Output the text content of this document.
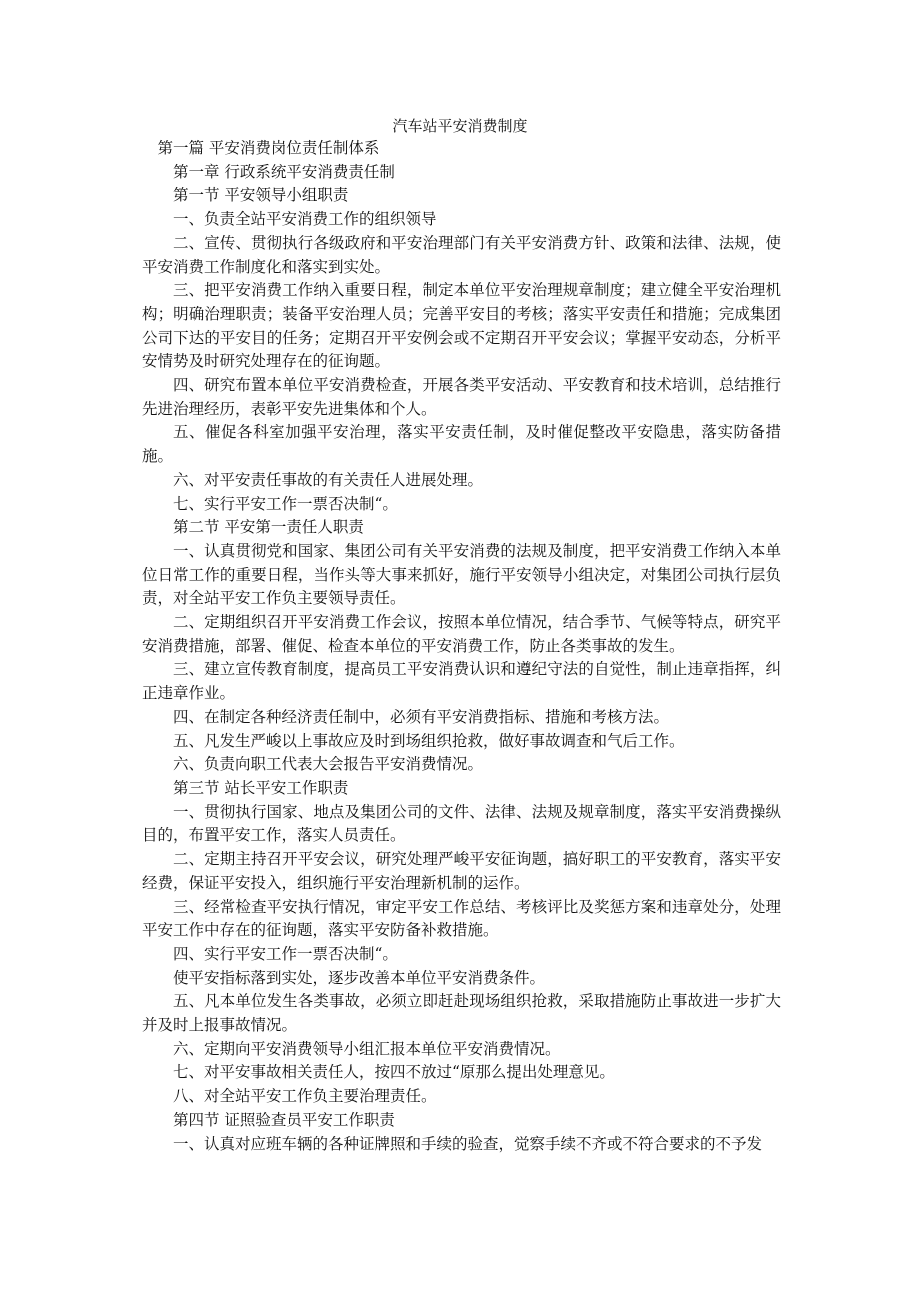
汽车站平安消费制度

第一篇 平安消费岗位责任制体系

第一章 行政系统平安消费责任制

第一节 平安领导小组职责

一、负责全站平安消费工作的组织领导

二、宣传、贯彻执行各级政府和平安治理部门有关平安消费方针、政策和法律、法规，使平安消费工作制度化和落实到实处。

三、把平安消费工作纳入重要日程，制定本单位平安治理规章制度；建立健全平安治理机构；明确治理职责；装备平安治理人员；完善平安目的考核；落实平安责任和措施；完成集团公司下达的平安目的任务；定期召开平安例会或不定期召开平安会议；掌握平安动态，分析平安情势及时研究处理存在的征询题。

四、研究布置本单位平安消费检查，开展各类平安活动、平安教育和技术培训，总结推行先进治理经历，表彰平安先进集体和个人。

五、催促各科室加强平安治理，落实平安责任制，及时催促整改平安隐患，落实防备措施。

六、对平安责任事故的有关责任人进展处理。

七、实行平安工作一票否决制“。

第二节 平安第一责任人职责

一、认真贯彻党和国家、集团公司有关平安消费的法规及制度，把平安消费工作纳入本单位日常工作的重要日程，当作头等大事来抓好，施行平安领导小组决定，对集团公司执行层负责，对全站平安工作负主要领导责任。

二、定期组织召开平安消费工作会议，按照本单位情况，结合季节、气候等特点，研究平安消费措施，部署、催促、检查本单位的平安消费工作，防止各类事故的发生。

三、建立宣传教育制度，提高员工平安消费认识和遵纪守法的自觉性，制止违章指挥，纠正违章作业。

四、在制定各种经济责任制中，必须有平安消费指标、措施和考核方法。

五、凡发生严峻以上事故应及时到场组织抢救，做好事故调查和气后工作。

六、负责向职工代表大会报告平安消费情况。

第三节 站长平安工作职责

一、贯彻执行国家、地点及集团公司的文件、法律、法规及规章制度，落实平安消费操纵目的，布置平安工作，落实人员责任。

二、定期主持召开平安会议，研究处理严峻平安征询题，搞好职工的平安教育，落实平安经费，保证平安投入，组织施行平安治理新机制的运作。

三、经常检查平安执行情况，审定平安工作总结、考核评比及奖惩方案和违章处分，处理平安工作中存在的征询题，落实平安防备补救措施。

四、实行平安工作一票否决制“。

使平安指标落到实处，逐步改善本单位平安消费条件。

五、凡本单位发生各类事故，必须立即赶赴现场组织抢救，采取措施防止事故进一步扩大并及时上报事故情况。

六、定期向平安消费领导小组汇报本单位平安消费情况。

七、对平安事故相关责任人，按四不放过“原那么提出处理意见。

八、对全站平安工作负主要治理责任。

第四节 证照验查员平安工作职责

一、认真对应班车辆的各种证牌照和手续的验查，觉察手续不齐或不符合要求的不予发
